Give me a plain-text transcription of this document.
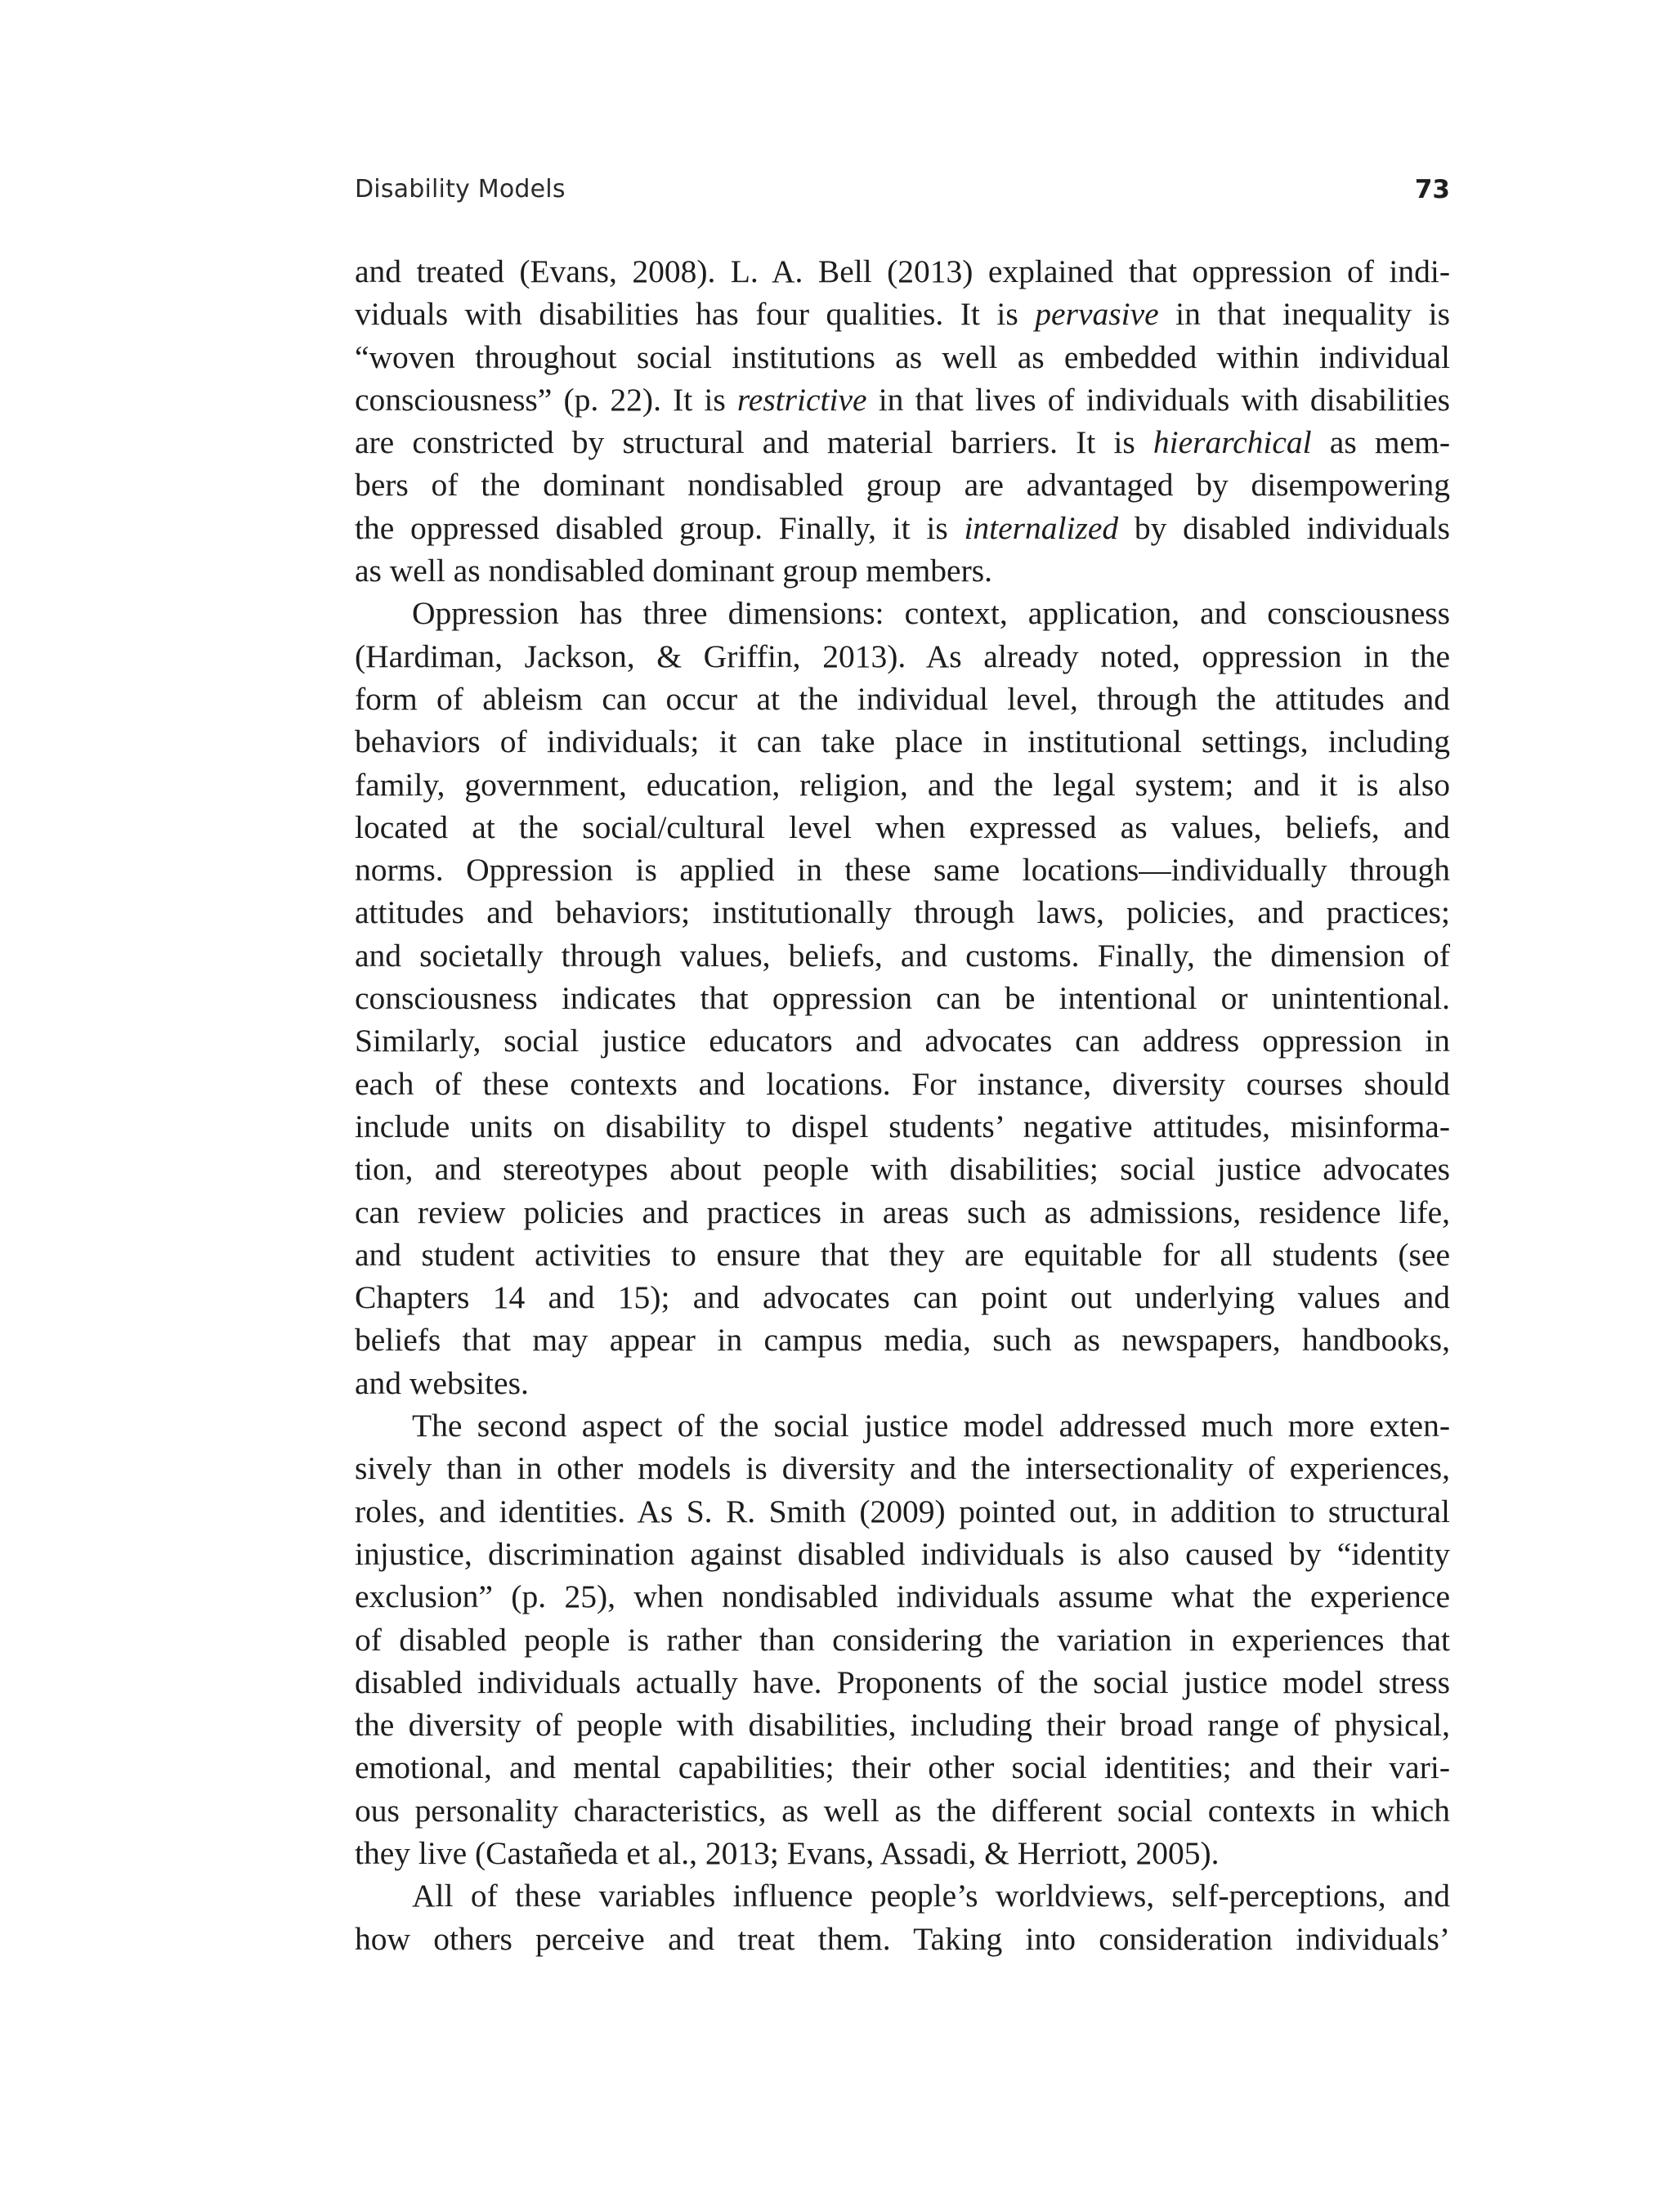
Disability Models	73
and treated (Evans, 2008). L. A. Bell (2013) explained that oppression of indi-
viduals with disabilities has four qualities. It is pervasive in that inequality is
“woven throughout social institutions as well as embedded within individual
consciousness” (p. 22). It is restrictive in that lives of individuals with disabilities
are constricted by structural and material barriers. It is hierarchical as mem-
bers of the dominant nondisabled group are advantaged by disempowering
the oppressed disabled group. Finally, it is internalized by disabled individuals
as well as nondisabled dominant group members.
Oppression has three dimensions: context, application, and consciousness
(Hardiman, Jackson, & Griffin, 2013). As already noted, oppression in the
form of ableism can occur at the individual level, through the attitudes and
behaviors of individuals; it can take place in institutional settings, including
family, government, education, religion, and the legal system; and it is also
located at the social/cultural level when expressed as values, beliefs, and
norms. Oppression is applied in these same locations—individually through
attitudes and behaviors; institutionally through laws, policies, and practices;
and societally through values, beliefs, and customs. Finally, the dimension of
consciousness indicates that oppression can be intentional or unintentional.
Similarly, social justice educators and advocates can address oppression in
each of these contexts and locations. For instance, diversity courses should
include units on disability to dispel students’ negative attitudes, misinforma-
tion, and stereotypes about people with disabilities; social justice advocates
can review policies and practices in areas such as admissions, residence life,
and student activities to ensure that they are equitable for all students (see
Chapters 14 and 15); and advocates can point out underlying values and
beliefs that may appear in campus media, such as newspapers, handbooks,
and websites.
The second aspect of the social justice model addressed much more exten-
sively than in other models is diversity and the intersectionality of experiences,
roles, and identities. As S. R. Smith (2009) pointed out, in addition to structural
injustice, discrimination against disabled individuals is also caused by “identity
exclusion” (p. 25), when nondisabled individuals assume what the experience
of disabled people is rather than considering the variation in experiences that
disabled individuals actually have. Proponents of the social justice model stress
the diversity of people with disabilities, including their broad range of physical,
emotional, and mental capabilities; their other social identities; and their vari-
ous personality characteristics, as well as the different social contexts in which
they live (Castañeda et al., 2013; Evans, Assadi, & Herriott, 2005).
All of these variables influence people’s worldviews, self-perceptions, and
how others perceive and treat them. Taking into consideration individuals’
